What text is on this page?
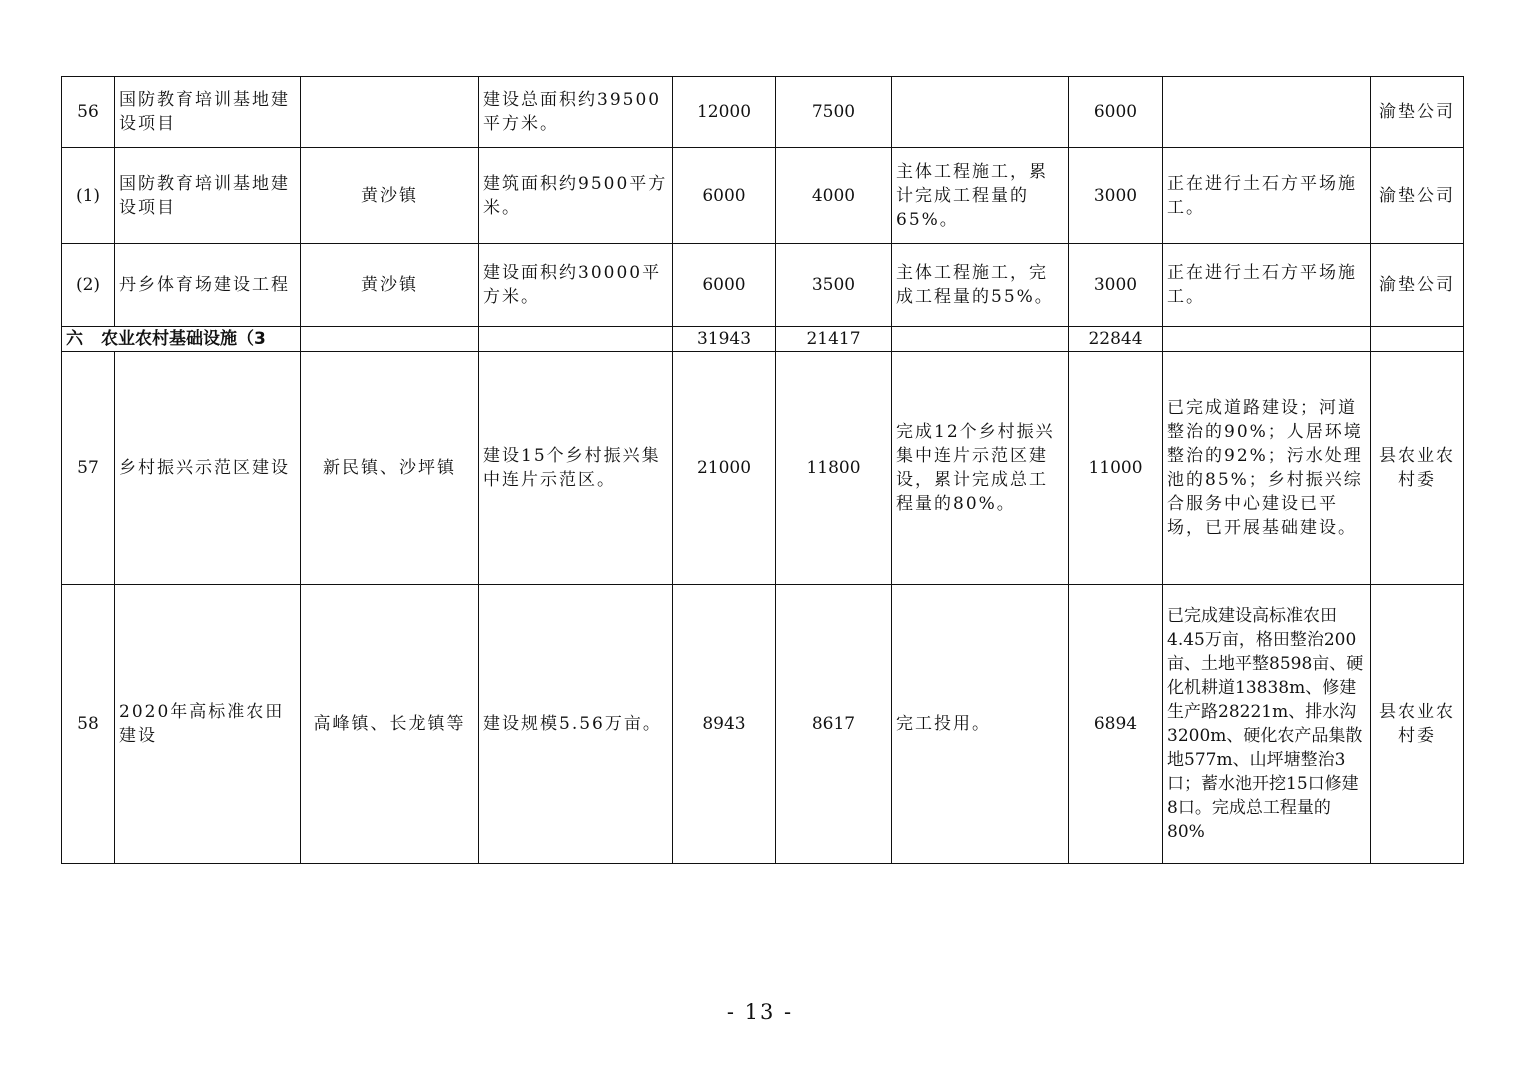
56	国防教育培训基地建设项目		建设总面积约39500平方米。	12000	7500		6000		渝垫公司
(1)	国防教育培训基地建设项目	黄沙镇	建筑面积约9500平方米。	6000	4000	主体工程施工，累计完成工程量的65%。	3000	正在进行土石方平场施工。	渝垫公司
(2)	丹乡体育场建设工程	黄沙镇	建设面积约30000平方米。	6000	3500	主体工程施工，完成工程量的55%。	3000	正在进行土石方平场施工。	渝垫公司
六 农业农村基础设施（3				31943	21417		22844		
57	乡村振兴示范区建设	新民镇、沙坪镇	建设15个乡村振兴集中连片示范区。	21000	11800	完成12个乡村振兴集中连片示范区建设，累计完成总工程量的80%。	11000	已完成道路建设；河道整治的90%；人居环境整治的92%；污水处理池的85%；乡村振兴综合服务中心建设已平场，已开展基础建设。	县农业农村委
58	2020年高标准农田建设	高峰镇、长龙镇等	建设规模5.56万亩。	8943	8617	完工投用。	6894	已完成建设高标准农田4.45万亩，格田整治200亩、土地平整8598亩、硬化机耕道13838m、修建生产路28221m、排水沟3200m、硬化农产品集散地577m、山坪塘整治3口；蓄水池开挖15口修建8口。完成总工程量的80%	县农业农村委
- 13 -
